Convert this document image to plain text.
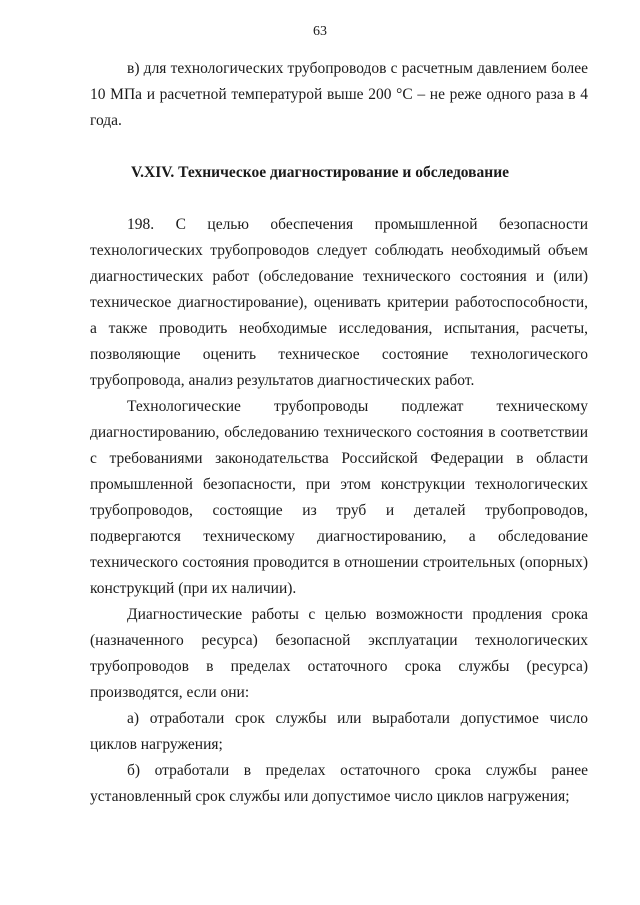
63

в) для технологических трубопроводов с расчетным давлением более 10 МПа и расчетной температурой выше 200 °С – не реже одного раза в 4 года.

V.XIV. Техническое диагностирование и обследование

198. С целью обеспечения промышленной безопасности технологических трубопроводов следует соблюдать необходимый объем диагностических работ (обследование технического состояния и (или) техническое диагностирование), оценивать критерии работоспособности, а также проводить необходимые исследования, испытания, расчеты, позволяющие оценить техническое состояние технологического трубопровода, анализ результатов диагностических работ.

Технологические трубопроводы подлежат техническому диагностированию, обследованию технического состояния в соответствии с требованиями законодательства Российской Федерации в области промышленной безопасности, при этом конструкции технологических трубопроводов, состоящие из труб и деталей трубопроводов, подвергаются техническому диагностированию, а обследование технического состояния проводится в отношении строительных (опорных) конструкций (при их наличии).

Диагностические работы с целью возможности продления срока (назначенного ресурса) безопасной эксплуатации технологических трубопроводов в пределах остаточного срока службы (ресурса) производятся, если они:

а) отработали срок службы или выработали допустимое число циклов нагружения;

б) отработали в пределах остаточного срока службы ранее установленный срок службы или допустимое число циклов нагружения;
